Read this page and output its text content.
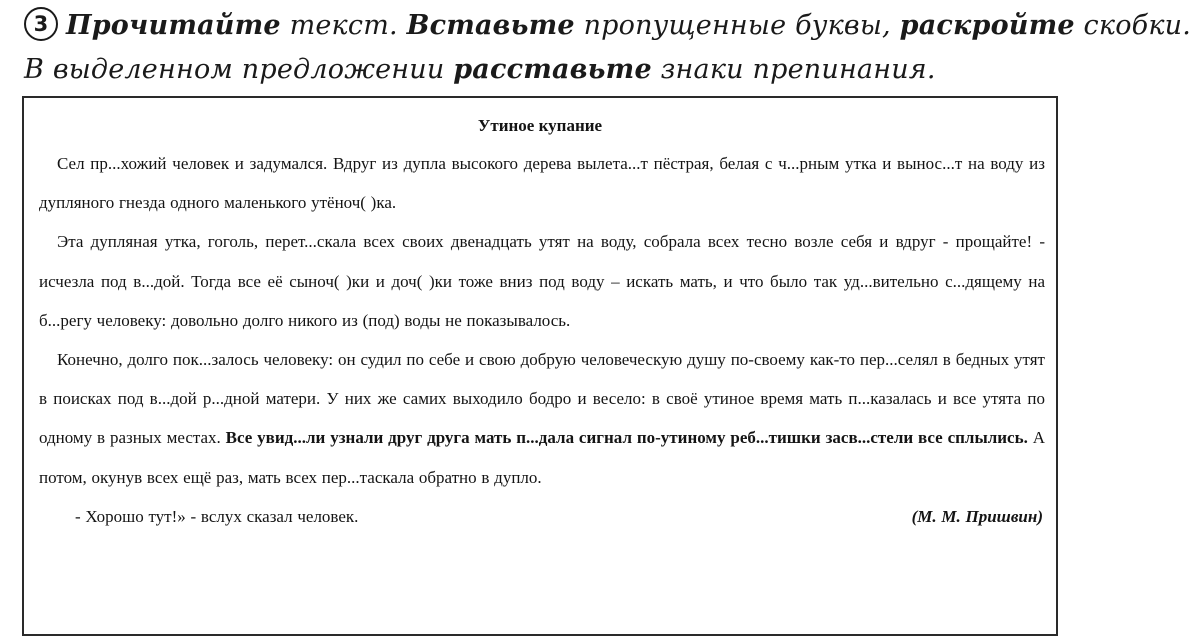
3 Прочитайте текст. Вставьте пропущенные буквы, раскройте скобки.
В выделенном предложении расставьте знаки препинания.
Утиное купание

Сел пр...хожий человек и задумался. Вдруг из дупла высокого дерева вылета...т пёстрая, белая с ч...рным утка и вынос...т на воду из дупляного гнезда одного маленького утёноч( )ка.

Эта дупляная утка, гоголь, перет...скала всех своих двенадцать утят на воду, собрала всех тесно возле себя и вдруг - прощайте! - исчезла под в...дой. Тогда все её сыноч( )ки и доч( )ки тоже вниз под воду – искать мать, и что было так уд...вительно с...дящему на б...регу человеку: довольно долго никого из (под) воды не показывалось.

Конечно, долго пок...залось человеку: он судил по себе и свою добрую человеческую душу по-своему как-то пер...селял в бедных утят в поисках под в...дой р...дной матери. У них же самих выходило бодро и весело: в своё утиное время мать п...казалась и все утята по одному в разных местах. Все увид...ли узнали друг друга мать п...дала сигнал по-утиному реб...тишки засв...стели все сплылись. А потом, окунув всех ещё раз, мать всех пер...таскала обратно в дупло.

- Хорошо тут!» - вслух сказал человек.	(М. М. Пришвин)
